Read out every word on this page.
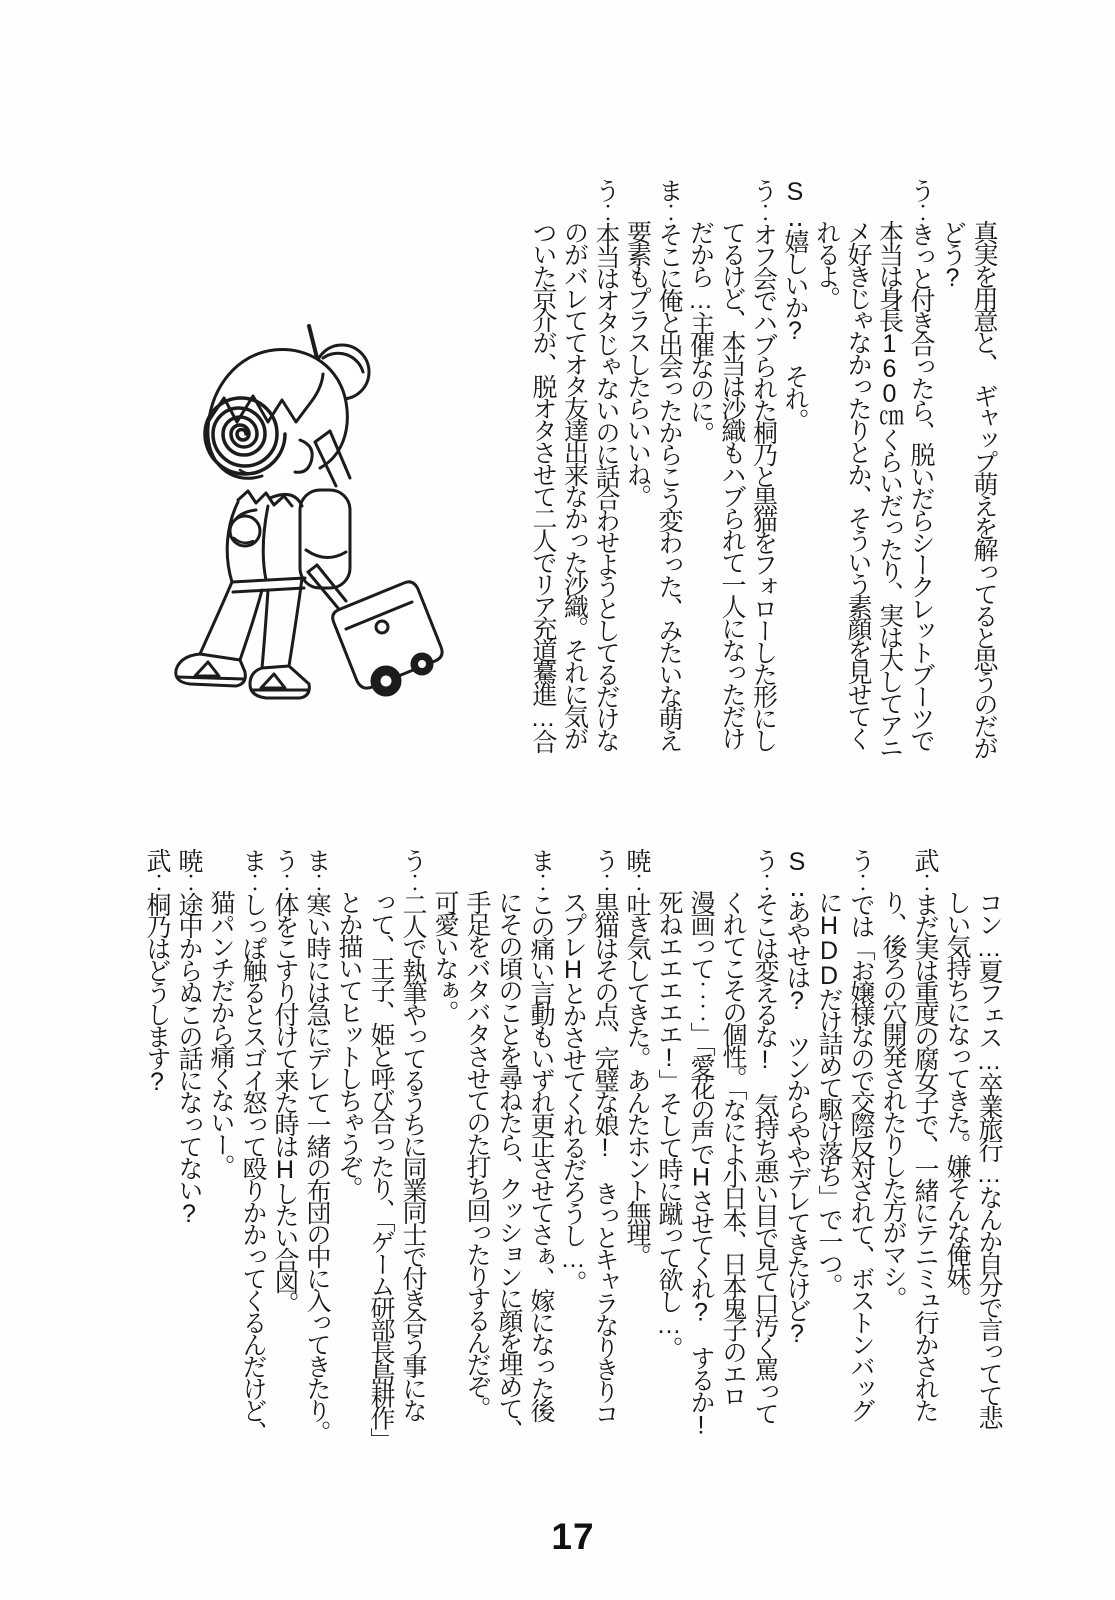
真実を用意と、　ギャップ萌えを解ってると思うのだが

どう?

う‥きっと付き合ったら、脱いだらシークレットブーツで

本当は身長160㎝くらいだったり、実は大してアニ

メ好きじゃなかったりとか、そういう素顔を見せてく

れるよ。

S‥嬉しいか?　それ。

う‥オフ会でハブられた桐乃と黒猫をフォローした形にし

てるけど、本当は沙織もハブられて一人になっただけ

だから…主催なのに。

ま‥そこに俺と出会ったからこう変わった、みたいな萌え

要素もプラスしたらいいね。

う‥本当はオタじゃないのに話合わせようとしてるだけな

のがバレててオタ友達出来なかった沙織。それに気が

ついた京介が、脱オタさせて二人でリア充道驀進…合

コン…夏フェス…卒業旅行…なんか自分で言ってて悲

しい気持ちになってきた。嫌そんな俺妹。

武‥まだ実は重度の腐女子で、一緒にテニミュ行かされた

り、後ろの穴開発されたりした方がマシ。

う‥では「お嬢様なので交際反対されて、ボストンバッグ

にHDDだけ詰めて駆け落ち」で一つ。

S‥あやせは?　ツンからややデレてきたけど?

う‥そこは変えるな!　気持ち悪い目で見て口汚く罵って

くれてこその個性。「なによ小日本、日本鬼子のエロ

漫画って‥‥」「愛花の声でHさせてくれ?　するか!

死ねエエエエエ!」そして時に蹴って欲し…。

暁‥吐き気してきた。あんたホント無理。

う‥黒猫はその点、完璧な娘!　きっとキャラなりきりコ

スプレHとかさせてくれるだろうし…。

ま‥この痛い言動もいずれ更正させてさぁ、嫁になった後

にその頃のことを尋ねたら、クッションに顔を埋めて、

手足をバタバタさせてのた打ち回ったりするんだぞ。

可愛いなぁ。

う‥二人で執筆やってるうちに同業同士で付き合う事にな

って、王子、姫と呼び合ったり、「ゲーム研部長島耕作」

とか描いてヒットしちゃうぞ。

ま‥寒い時には急にデレて一緒の布団の中に入ってきたり。

う‥体をこすり付けて来た時はHしたい合図。

ま‥しっぽ触るとスゴイ怒って殴りかかってくるんだけど、

猫パンチだから痛くないー。

暁‥途中からぬこの話になってない?

武‥桐乃はどうします?

17
